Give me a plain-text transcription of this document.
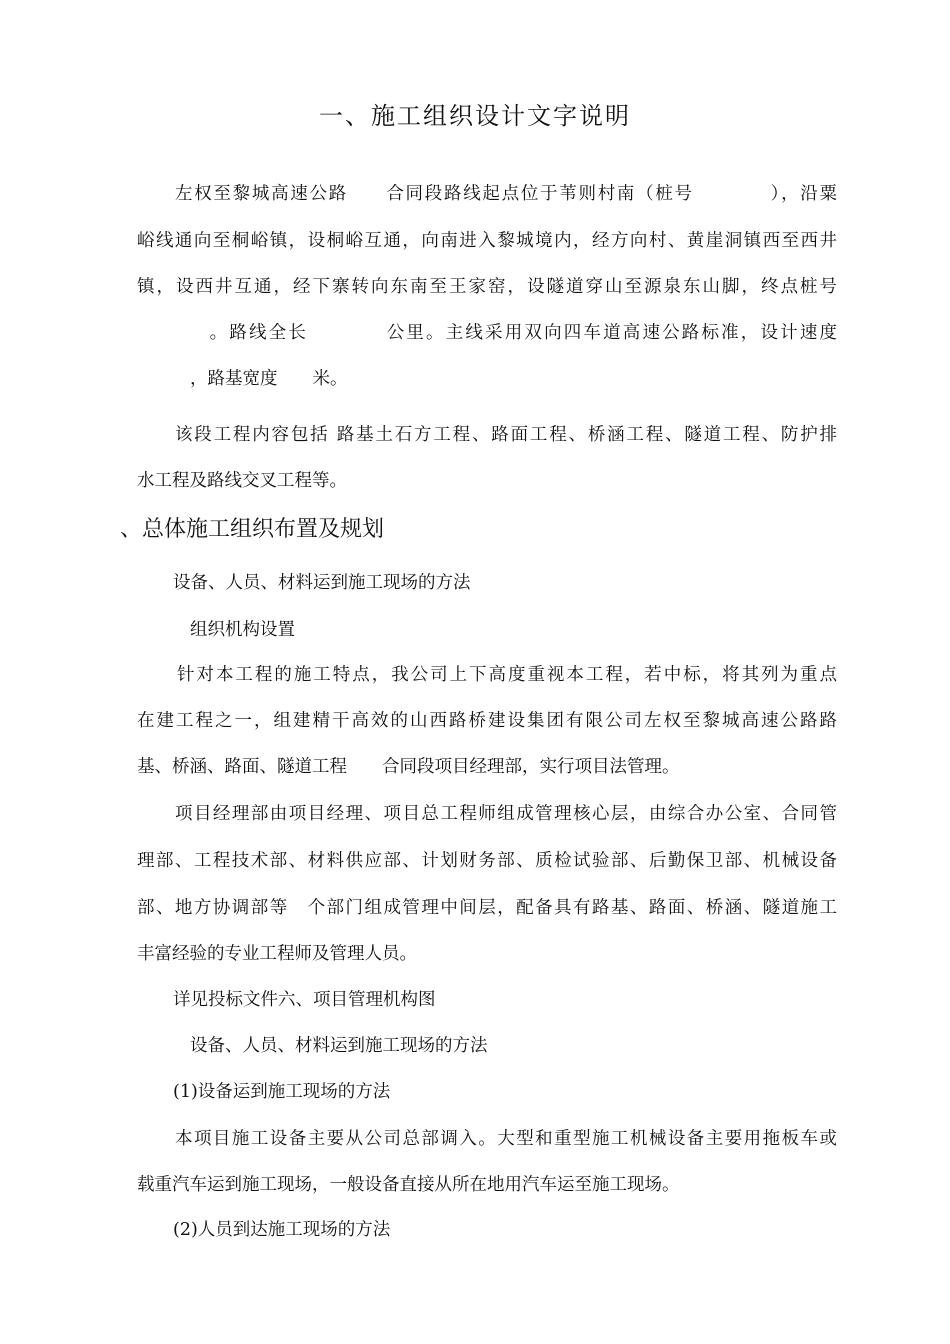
一、施工组织设计文字说明
左权至黎城高速公路　　合同段路线起点位于苇则村南（桩号　　　　），沿粟
峪线通向至桐峪镇，设桐峪互通，向南进入黎城境内，经方向村、黄崖洞镇西至西井
镇，设西井互通，经下寨转向东南至王家窑，设隧道穿山至源泉东山脚，终点桩号
　。路线全长　　　　公里。主线采用双向四车道高速公路标准，设计速度
，路基宽度　　米。
该段工程内容包括 路基土石方工程、路面工程、桥涵工程、隧道工程、防护排
水工程及路线交叉工程等。
、总体施工组织布置及规划
设备、人员、材料运到施工现场的方法
组织机构设置
针对本工程的施工特点，我公司上下高度重视本工程，若中标，将其列为重点
在建工程之一，组建精干高效的山西路桥建设集团有限公司左权至黎城高速公路路
基、桥涵、路面、隧道工程　　合同段项目经理部，实行项目法管理。
项目经理部由项目经理、项目总工程师组成管理核心层，由综合办公室、合同管
理部、工程技术部、材料供应部、计划财务部、质检试验部、后勤保卫部、机械设备
部、地方协调部等　个部门组成管理中间层，配备具有路基、路面、桥涵、隧道施工
丰富经验的专业工程师及管理人员。
详见投标文件六、项目管理机构图
设备、人员、材料运到施工现场的方法
(1)设备运到施工现场的方法
本项目施工设备主要从公司总部调入。大型和重型施工机械设备主要用拖板车或
载重汽车运到施工现场，一般设备直接从所在地用汽车运至施工现场。
(2)人员到达施工现场的方法
